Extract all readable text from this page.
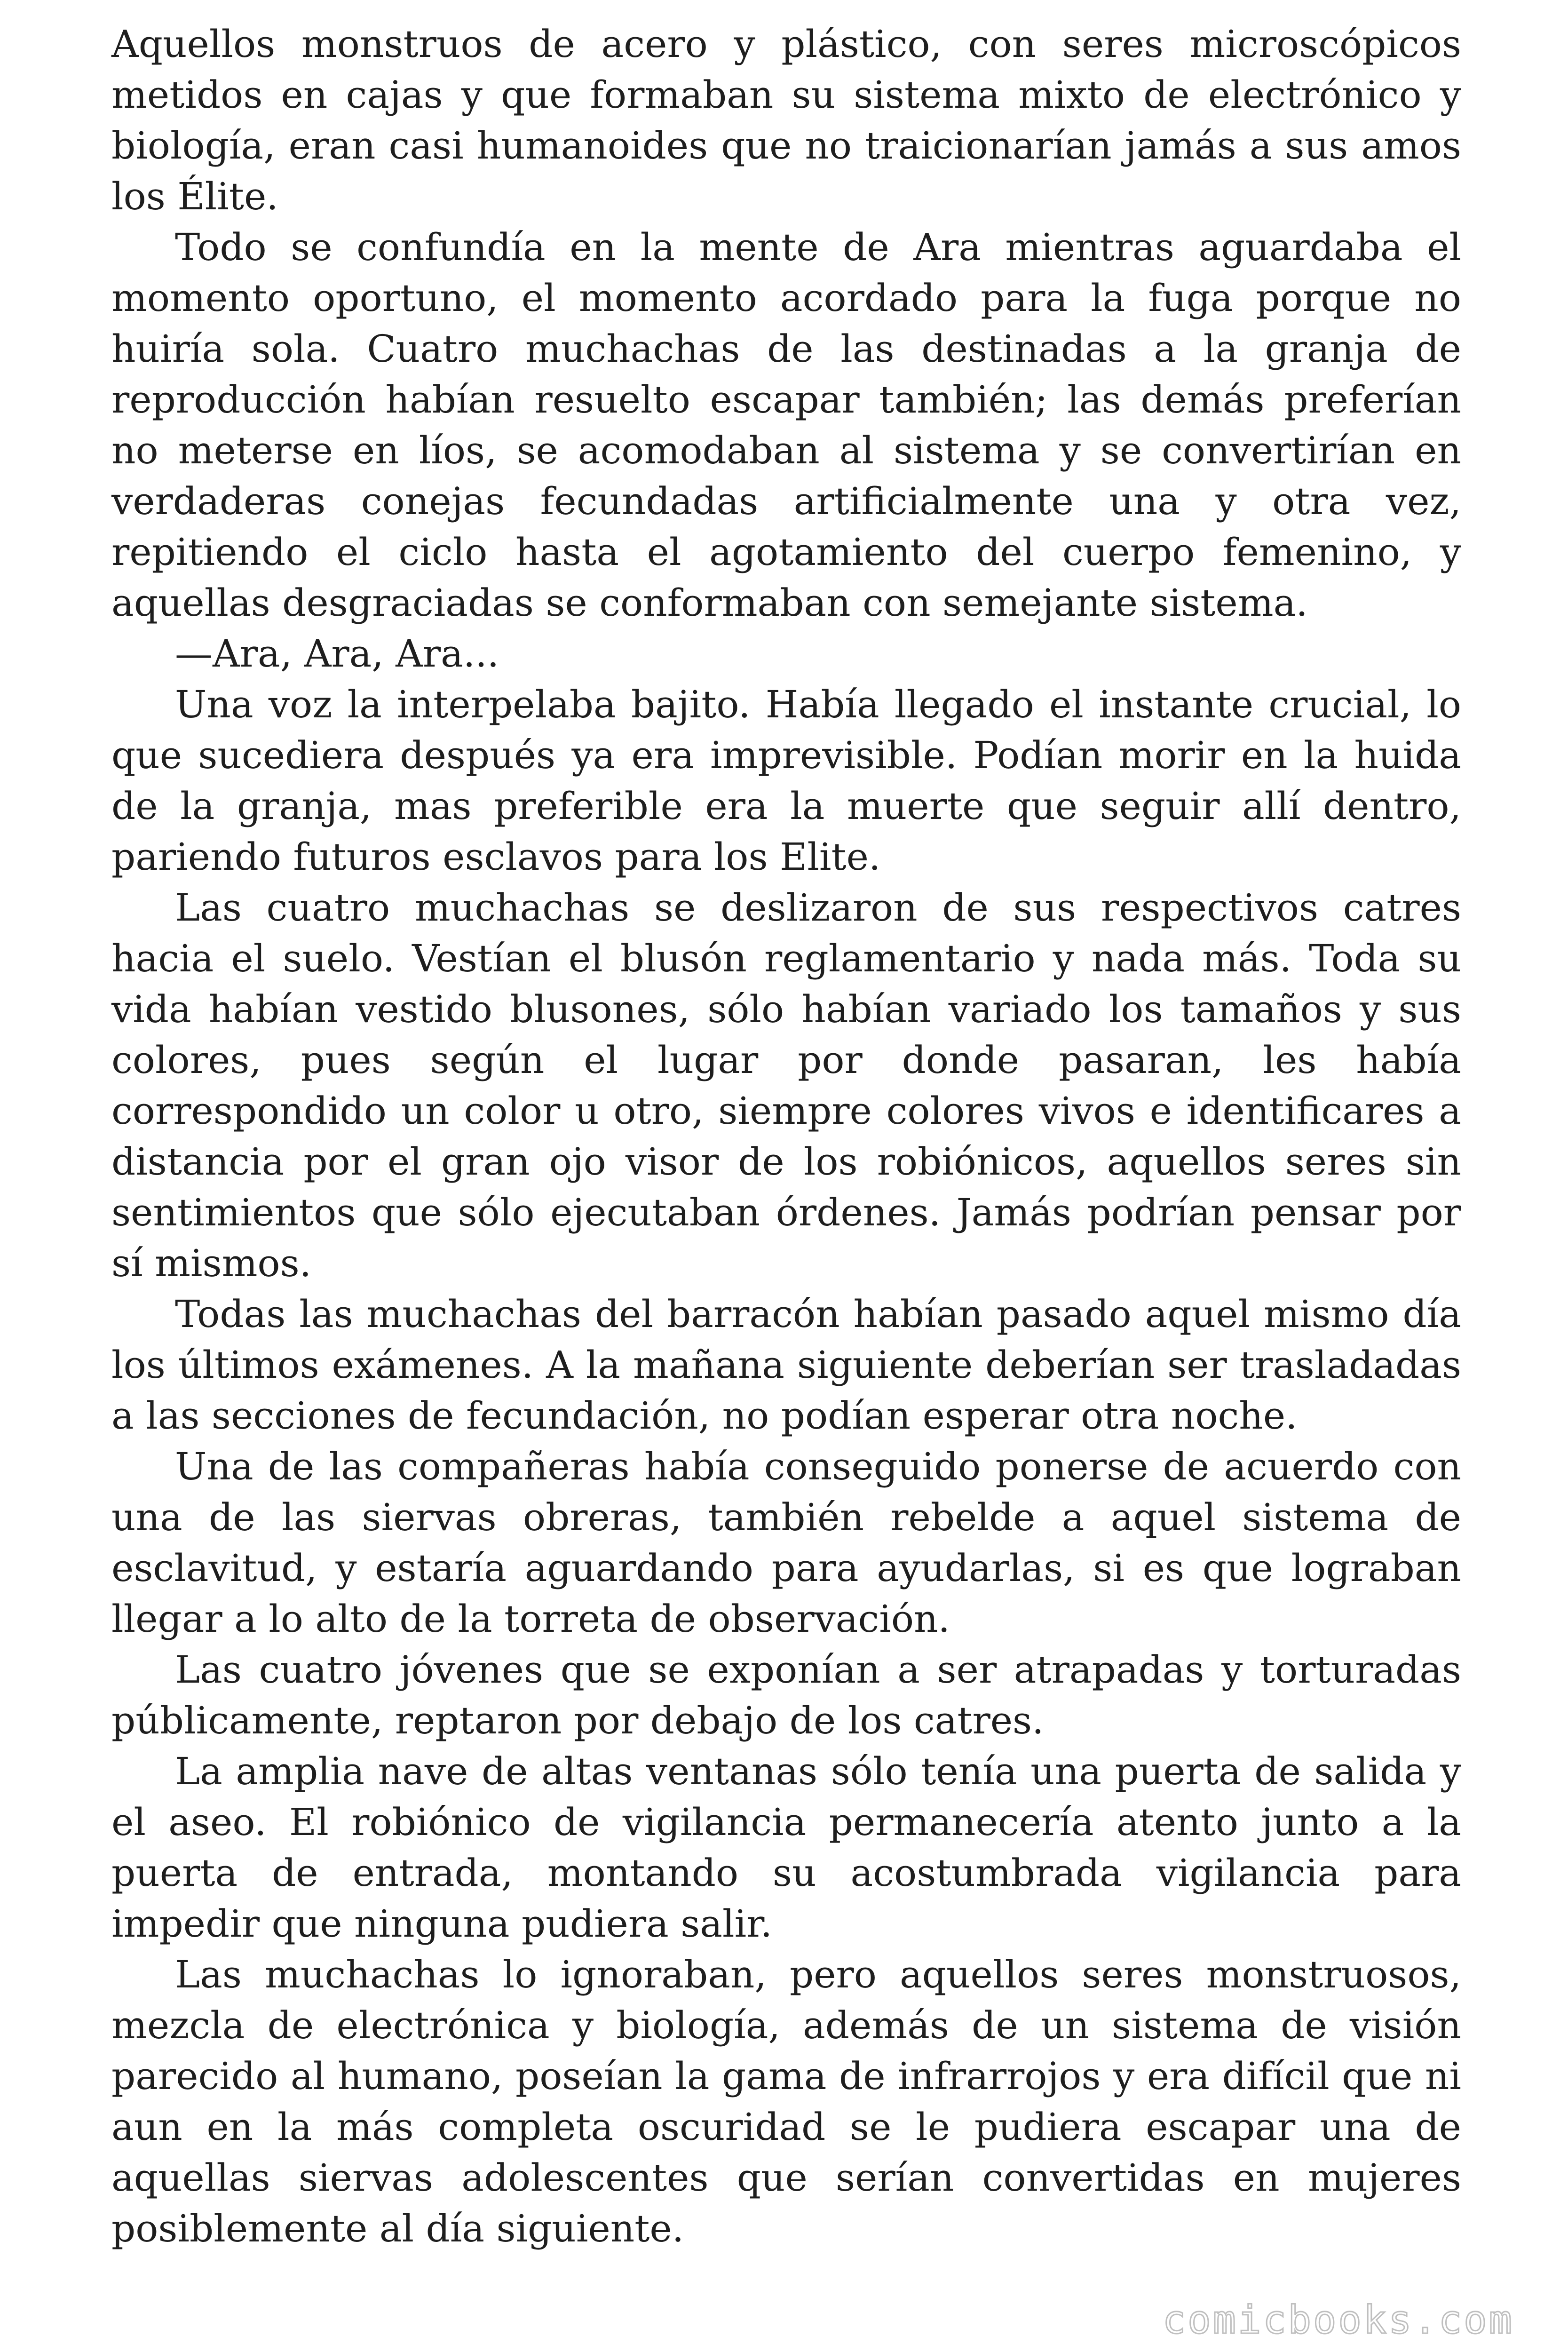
Aquellos monstruos de acero y plástico, con seres microscópicos metidos en cajas y que formaban su sistema mixto de electrónico y biología, eran casi humanoides que no traicionarían jamás a sus amos los Élite.

Todo se confundía en la mente de Ara mientras aguardaba el momento oportuno, el momento acordado para la fuga porque no huiría sola. Cuatro muchachas de las destinadas a la granja de reproducción habían resuelto escapar también; las demás preferían no meterse en líos, se acomodaban al sistema y se convertirían en verdaderas conejas fecundadas artificialmente una y otra vez, repitiendo el ciclo hasta el agotamiento del cuerpo femenino, y aquellas desgraciadas se conformaban con semejante sistema.

—Ara, Ara, Ara...

Una voz la interpelaba bajito. Había llegado el instante crucial, lo que sucediera después ya era imprevisible. Podían morir en la huida de la granja, mas preferible era la muerte que seguir allí dentro, pariendo futuros esclavos para los Elite.

Las cuatro muchachas se deslizaron de sus respectivos catres hacia el suelo. Vestían el blusón reglamentario y nada más. Toda su vida habían vestido blusones, sólo habían variado los tamaños y sus colores, pues según el lugar por donde pasaran, les había correspondido un color u otro, siempre colores vivos e identificares a distancia por el gran ojo visor de los robiónicos, aquellos seres sin sentimientos que sólo ejecutaban órdenes. Jamás podrían pensar por sí mismos.

Todas las muchachas del barracón habían pasado aquel mismo día los últimos exámenes. A la mañana siguiente deberían ser trasladadas a las secciones de fecundación, no podían esperar otra noche.

Una de las compañeras había conseguido ponerse de acuerdo con una de las siervas obreras, también rebelde a aquel sistema de esclavitud, y estaría aguardando para ayudarlas, si es que lograban llegar a lo alto de la torreta de observación.

Las cuatro jóvenes que se exponían a ser atrapadas y torturadas públicamente, reptaron por debajo de los catres.

La amplia nave de altas ventanas sólo tenía una puerta de salida y el aseo. El robiónico de vigilancia permanecería atento junto a la puerta de entrada, montando su acostumbrada vigilancia para impedir que ninguna pudiera salir.

Las muchachas lo ignoraban, pero aquellos seres monstruosos, mezcla de electrónica y biología, además de un sistema de visión parecido al humano, poseían la gama de infrarrojos y era difícil que ni aun en la más completa oscuridad se le pudiera escapar una de aquellas siervas adolescentes que serían convertidas en mujeres posiblemente al día siguiente.

comicbooks.com
